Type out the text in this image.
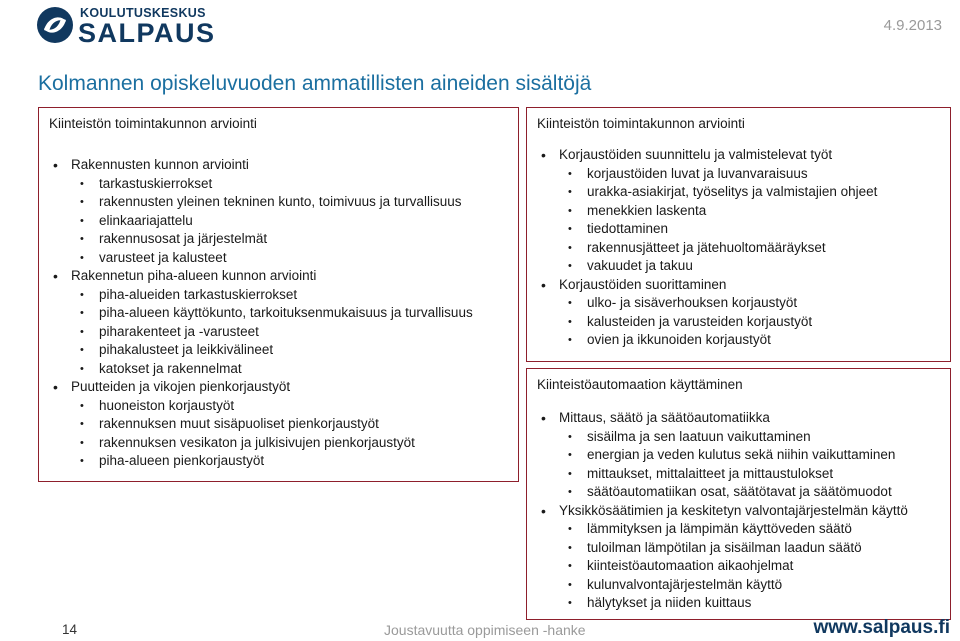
KOULUTUSKESKUS
SALPAUS	4.9.2013
Kolmannen opiskeluvuoden ammatillisten aineiden sisältöjä
Kiinteistön toimintakunnon arviointi
• Rakennusten kunnon arviointi
• tarkastuskierrokset
• rakennusten yleinen tekninen kunto, toimivuus ja turvallisuus
• elinkaariajattelu
• rakennusosat ja järjestelmät
• varusteet ja kalusteet
• Rakennetun piha-alueen kunnon arviointi
• piha-alueiden tarkastuskierrokset
• piha-alueen käyttökunto, tarkoituksenmukaisuus ja turvallisuus
• piharakenteet ja -varusteet
• pihakalusteet ja leikkivälineet
• katokset ja rakennelmat
• Puutteiden ja vikojen pienkorjaustyöt
• huoneiston korjaustyöt
• rakennuksen muut sisäpuoliset pienkorjaustyöt
• rakennuksen vesikaton ja julkisivujen pienkorjaustyöt
• piha-alueen pienkorjaustyöt
Kiinteistön toimintakunnon arviointi
• Korjaustöiden suunnittelu ja valmistelevat työt
• korjaustöiden luvat ja luvanvaraisuus
• urakka-asiakirjat, työselitys ja valmistajien ohjeet
• menekkien laskenta
• tiedottaminen
• rakennusjätteet ja jätehuoltomääräykset
• vakuudet ja takuu
• Korjaustöiden suorittaminen
• ulko- ja sisäverhouksen korjaustyöt
• kalusteiden ja varusteiden korjaustyöt
• ovien ja ikkunoiden korjaustyöt
Kiinteistöautomaation käyttäminen
• Mittaus, säätö ja säätöautomatiikka
• sisäilma ja sen laatuun vaikuttaminen
• energian ja veden kulutus sekä niihin vaikuttaminen
• mittaukset, mittalaitteet ja mittaustulokset
• säätöautomatiikan osat, säätötavat ja säätömuodot
• Yksikkösäätimien ja keskitetyn valvontajärjestelmän käyttö
• lämmityksen ja lämpimän käyttöveden säätö
• tuloilman lämpötilan ja sisäilman laadun säätö
• kiinteistöautomaation aikaohjelmat
• kulunvalvontajärjestelmän käyttö
• hälytykset ja niiden kuittaus
14	Joustavuutta oppimiseen -hanke	www.salpaus.fi
